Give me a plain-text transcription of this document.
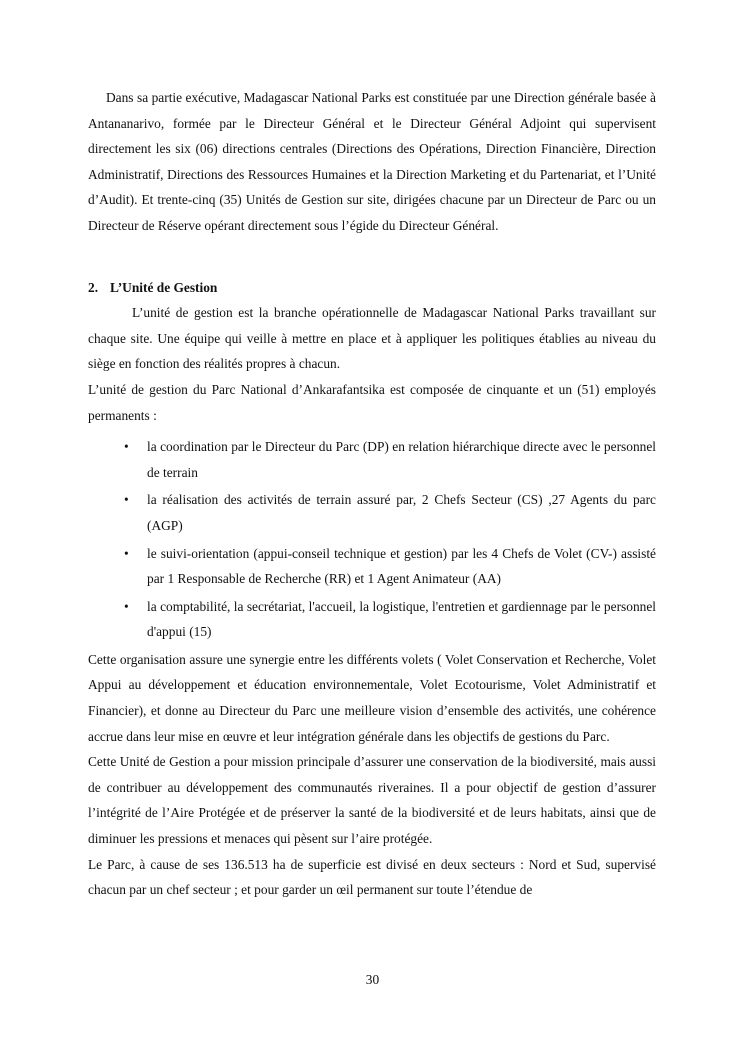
Dans sa partie exécutive, Madagascar National Parks est constituée par une Direction générale basée à Antananarivo, formée par le Directeur Général et le Directeur Général Adjoint qui supervisent directement les six (06) directions centrales (Directions des Opérations, Direction Financière, Direction Administratif, Directions des Ressources Humaines et la Direction Marketing et du Partenariat, et l’Unité d’Audit). Et trente-cinq (35) Unités de Gestion sur site, dirigées chacune par un Directeur de Parc ou un Directeur de Réserve opérant directement sous l’égide du Directeur Général.

2. L’Unité de Gestion

L’unité de gestion est la branche opérationnelle de Madagascar National Parks travaillant sur chaque site. Une équipe qui veille à mettre en place et à appliquer les politiques établies au niveau du siège en fonction des réalités propres à chacun.

L’unité de gestion du Parc National d’Ankarafantsika est composée de cinquante et un (51) employés permanents :

• la coordination par le Directeur du Parc (DP) en relation hiérarchique directe avec le personnel de terrain
• la réalisation des activités de terrain assuré par, 2 Chefs Secteur (CS) ,27 Agents du parc (AGP)
• le suivi-orientation (appui-conseil technique et gestion) par les 4 Chefs de Volet (CV-) assisté par 1 Responsable de Recherche (RR) et 1 Agent Animateur (AA)
• la comptabilité, la secrétariat, l'accueil, la logistique, l'entretien et gardiennage par le personnel d'appui (15)

Cette organisation assure une synergie entre les différents volets ( Volet Conservation et Recherche, Volet Appui au développement et éducation environnementale, Volet Ecotourisme, Volet Administratif et Financier), et donne au Directeur du Parc une meilleure vision d’ensemble des activités, une cohérence accrue dans leur mise en œuvre et leur intégration générale dans les objectifs de gestions du Parc.

Cette Unité de Gestion a pour mission principale d’assurer une conservation de la biodiversité, mais aussi de contribuer au développement des communautés riveraines. Il a pour objectif de gestion d’assurer l’intégrité de l’Aire Protégée et de préserver la santé de la biodiversité et de leurs habitats, ainsi que de diminuer les pressions et menaces qui pèsent sur l’aire protégée.

Le Parc, à cause de ses 136.513 ha de superficie est divisé en deux secteurs : Nord et Sud, supervisé chacun par un chef secteur ; et pour garder un œil permanent sur toute l’étendue de

30
